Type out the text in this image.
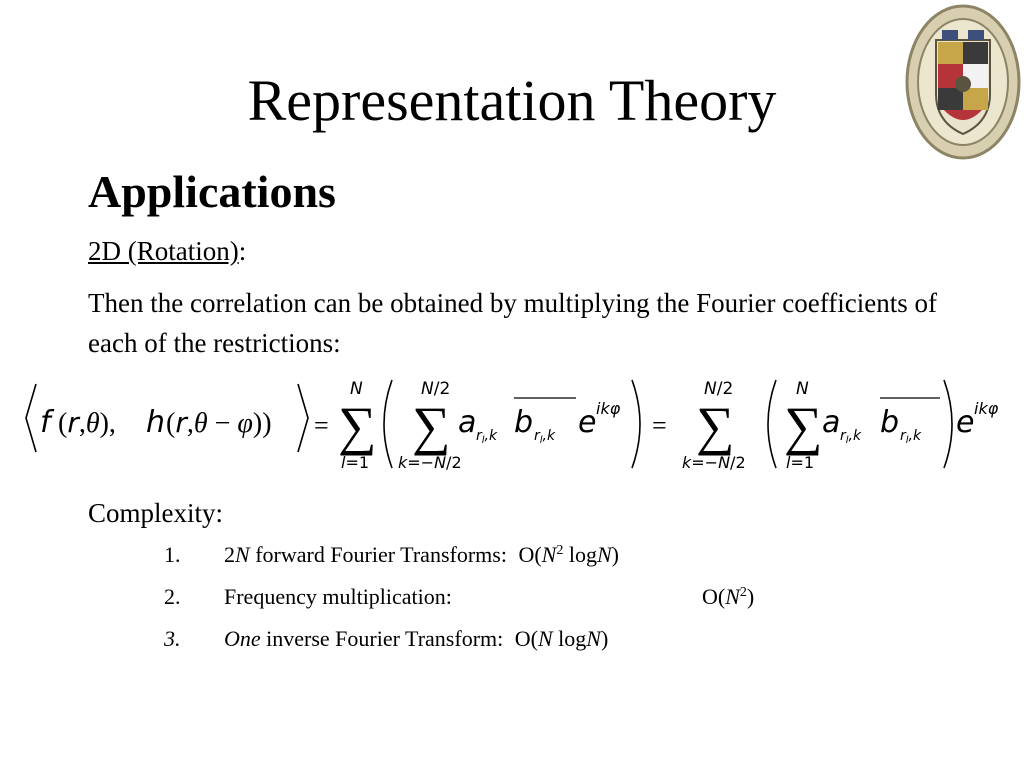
Representation Theory
Applications
2D (Rotation):
Then the correlation can be obtained by multiplying the Fourier coefficients of each of the restrictions:
f (r,θ), h (r,θ − φ)) =
N
∑
l=1
N/2
∑
k=−N/2
a $r_l,k$ b $r_l,k$ e ikφ
=
N/2
∑
k=−N/2
N
∑
l=1
a $r_l,k$ b $r_l,k$ e ikφ
Complexity:
1. 2N forward Fourier Transforms: $O(N^2$ logN)
2. Frequency multiplication:	$O(N^2)$
3. One inverse Fourier Transform: O(N logN)
